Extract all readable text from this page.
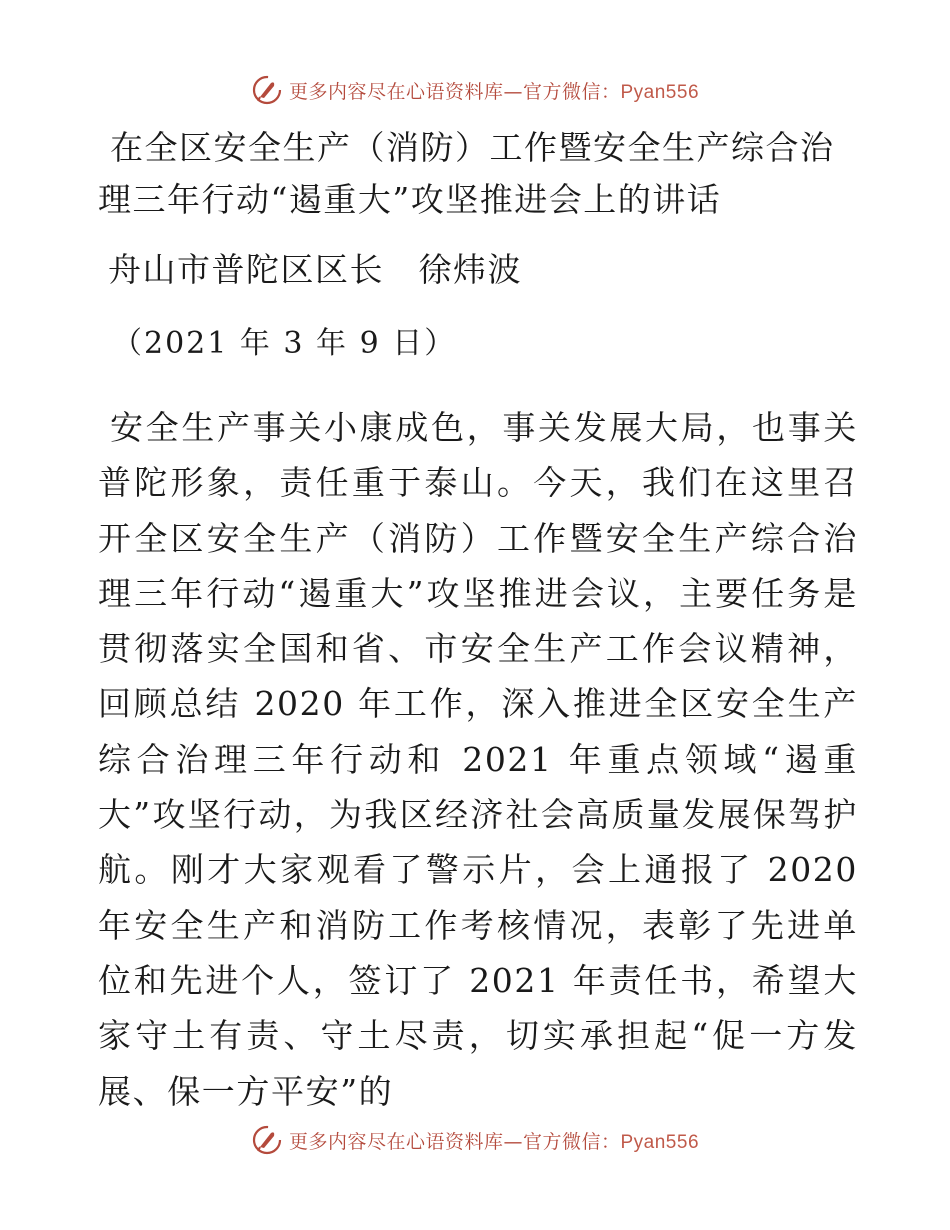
更多内容尽在心语资料库—官方微信：Pyan556
在全区安全生产（消防）工作暨安全生产综合治
理三年行动“遏重大”攻坚推进会上的讲话

舟山市普陀区区长　徐炜波

（2021 年 3 年 9 日）

安全生产事关小康成色，事关发展大局，也事关普陀形象，责任重于泰山。今天，我们在这里召开全区安全生产（消防）工作暨安全生产综合治理三年行动“遏重大”攻坚推进会议，主要任务是贯彻落实全国和省、市安全生产工作会议精神，回顾总结 2020 年工作，深入推进全区安全生产综合治理三年行动和 2021 年重点领域“遏重大”攻坚行动，为我区经济社会高质量发展保驾护航。刚才大家观看了警示片，会上通报了 2020 年安全生产和消防工作考核情况，表彰了先进单位和先进个人，签订了 2021 年责任书，希望大家守土有责、守土尽责，切实承担起“促一方发展、保一方平安”的

更多内容尽在心语资料库—官方微信：Pyan556
